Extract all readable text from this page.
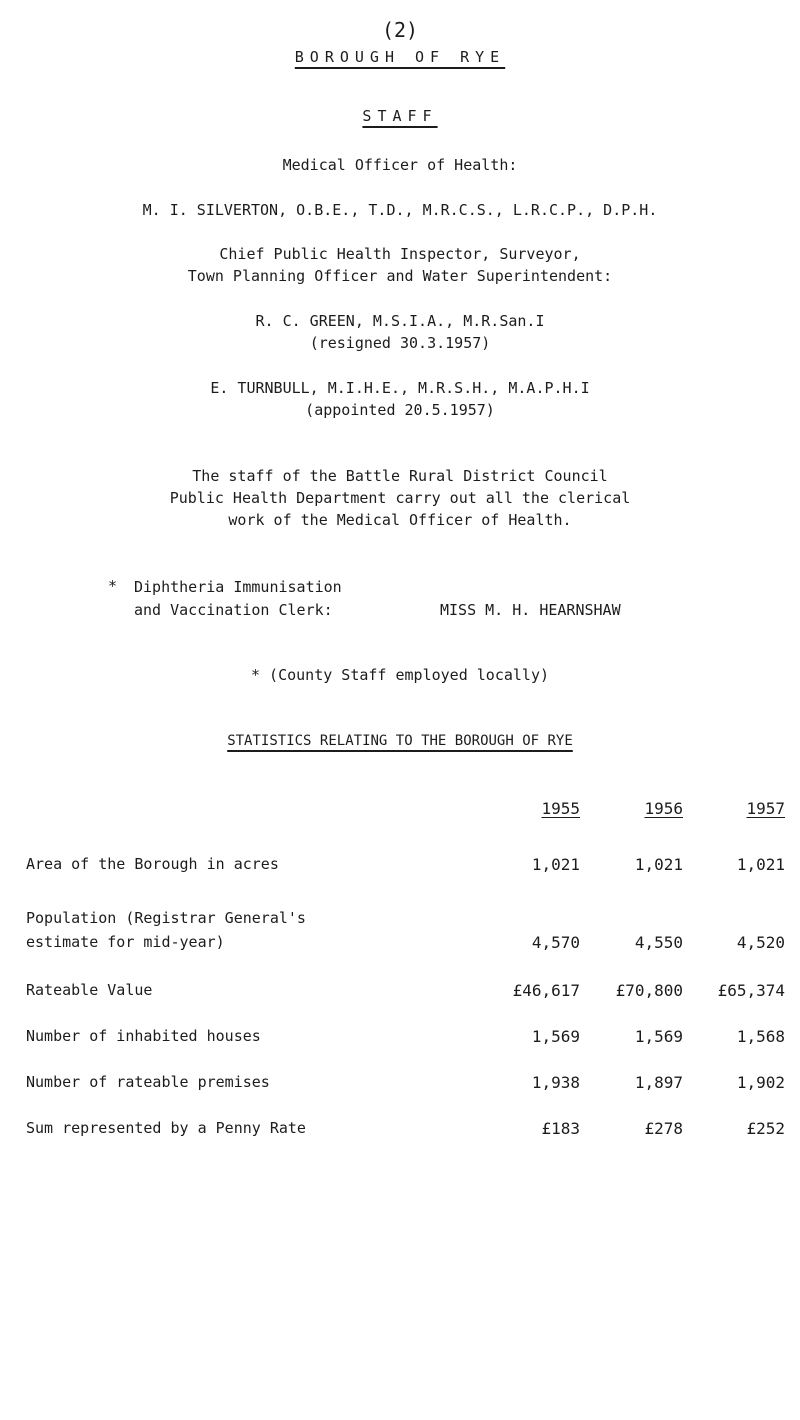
(2)
BOROUGH OF RYE
STAFF
Medical Officer of Health:
M. I. SILVERTON, O.B.E., T.D., M.R.C.S., L.R.C.P., D.P.H.
Chief Public Health Inspector, Surveyor,
Town Planning Officer and Water Superintendent:
R. C. GREEN, M.S.I.A., M.R.San.I
(resigned 30.3.1957)
E. TURNBULL, M.I.H.E., M.R.S.H., M.A.P.H.I
(appointed 20.5.1957)
The staff of the Battle Rural District Council
Public Health Department carry out all the clerical
work of the Medical Officer of Health.
* Diphtheria Immunisation
and Vaccination Clerk:	MISS M. H. HEARNSHAW
* (County Staff employed locally)
STATISTICS RELATING TO THE BOROUGH OF RYE
1955	1956	1957
Area of the Borough in acres	1,021	1,021	1,021
Population (Registrar General's
estimate for mid-year)	4,570	4,550	4,520
Rateable Value	£46,617	£70,800	£65,374
Number of inhabited houses	1,569	1,569	1,568
Number of rateable premises	1,938	1,897	1,902
Sum represented by a Penny Rate	£183	£278	£252
